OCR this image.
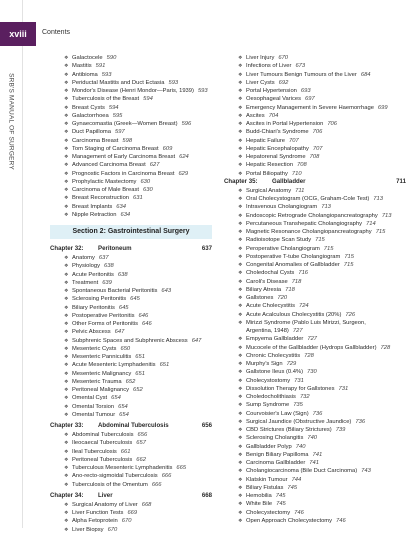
xviii	Contents
SRB'S MANUAL OF SURGERY
❖ Galactocele 590
❖ Mastitis 591
❖ Antibioma 593
❖ Periductal Mastitis and Duct Ectasia 593
❖ Mondor's Disease (Henri Mondor—Paris, 1939) 593
❖ Tuberculosis of the Breast 594
❖ Breast Cysts 594
❖ Galactorrhoea 595
❖ Gynaecomastia (Greek—Women Breast) 596
❖ Duct Papilloma 597
❖ Carcinoma Breast 598
❖ Tom Staging of Carcinoma Breast 609
❖ Management of Early Carcinoma Breast 624
❖ Advanced Carcinoma Breast 627
❖ Prognostic Factors in Carcinoma Breast 629
❖ Prophylactic Mastectomy 630
❖ Carcinoma of Male Breast 630
❖ Breast Reconstruction 631
❖ Breast Implants 634
❖ Nipple Retraction 634
Section 2: Gastrointestinal Surgery
Chapter 32: Peritoneum	637
❖ Anatomy 637
❖ Physiology 638
❖ Acute Peritonitis 638
❖ Treatment 639
❖ Spontaneous Bacterial Peritonitis 643
❖ Sclerosing Peritonitis 645
❖ Biliary Peritonitis 645
❖ Postoperative Peritonitis 646
❖ Other Forms of Peritonitis 646
❖ Pelvic Abscess 647
❖ Subphrenic Spaces and Subphrenic Abscess 647
❖ Mesenteric Cysts 650
❖ Mesenteric Panniculitis 651
❖ Acute Mesenteric Lymphadenitis 651
❖ Mesenteric Malignancy 651
❖ Mesenteric Trauma 652
❖ Peritoneal Malignancy 652
❖ Omental Cyst 654
❖ Omental Torsion 654
❖ Omental Tumour 654
Chapter 33: Abdominal Tuberculosis	656
❖ Abdominal Tuberculosis 656
❖ Ileocaecal Tuberculosis 657
❖ Ileal Tuberculosis 661
❖ Peritoneal Tuberculosis 662
❖ Tuberculous Mesenteric Lymphadenitis 665
❖ Ano-recto-sigmoidal Tuberculosis 666
❖ Tuberculosis of the Omentum 666
Chapter 34: Liver	668
❖ Surgical Anatomy of Liver 668
❖ Liver Function Tests 669
❖ Alpha Fetoprotein 670
❖ Liver Biopsy 670
❖ Liver Injury 670
❖ Infections of Liver 673
❖ Liver Tumours Benign Tumours of the Liver 684
❖ Liver Cysts 692
❖ Portal Hypertension 693
❖ Oesophageal Varices 697
❖ Emergency Management in Severe Haemorrhage 699
❖ Ascites 704
❖ Ascites in Portal Hypertension 706
❖ Budd-Chiari's Syndrome 706
❖ Hepatic Failure 707
❖ Hepatic Encephalopathy 707
❖ Hepatorenal Syndrome 708
❖ Hepatic Resection 708
❖ Portal Biliopathy 710
Chapter 35: Gallbladder	711
❖ Surgical Anatomy 711
❖ Oral Cholecystogram (OCG, Graham-Cole Test) 713
❖ Intravenous Cholangiogram 713
❖ Endoscopic Retrograde Cholangiopancreatography 713
❖ Percutaneous Transhepatic Cholangiography 714
❖ Magnetic Resonance Cholangiopancreatography 715
❖ Radioisotope Scan Study 715
❖ Peroperative Cholangiogram 715
❖ Postoperative T-tube Cholangiogram 715
❖ Congenital Anomalies of Gallbladder 715
❖ Choledochal Cysts 716
❖ Caroli's Disease 718
❖ Biliary Atresia 718
❖ Gallstones 720
❖ Acute Cholecystitis 724
❖ Acute Acalculous Cholecystitis (20%) 726
❖ Mirizzi Syndrome (Pablo Luis Mirizzi, Surgeon,
Argentina, 1948) 727
❖ Empyema Gallbladder 727
❖ Mucocele of the Gallbladder (Hydrops Gallbladder) 728
❖ Chronic Cholecystitis 728
❖ Murphy's Sign 729
❖ Gallstone Ileus (0.4%) 730
❖ Cholecystostomy 731
❖ Dissolution Therapy for Gallstones 731
❖ Choledocholithiasis 732
❖ Sump Syndrome 735
❖ Courvoisier's Law (Sign) 736
❖ Surgical Jaundice (Obstructive Jaundice) 736
❖ CBD Strictures (Biliary Strictures) 739
❖ Sclerosing Cholangitis 740
❖ Gallbladder Polyp 740
❖ Benign Biliary Papilloma 741
❖ Carcinoma Gallbladder 741
❖ Cholangiocarcinoma (Bile Duct Carcinoma) 743
❖ Klatskin Tumour 744
❖ Biliary Fistulas 745
❖ Hemobilia 745
❖ White Bile 745
❖ Cholecystectomy 746
❖ Open Approach Cholecystectomy 746
